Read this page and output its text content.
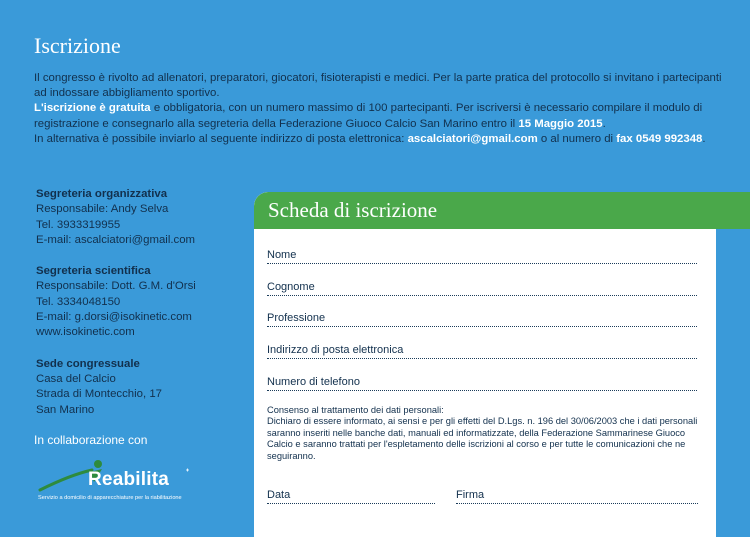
Iscrizione

Il congresso è rivolto ad allenatori, preparatori, giocatori, fisioterapisti e medici. Per la parte pratica del protocollo si invitano i partecipanti ad indossare abbigliamento sportivo.

L'iscrizione è gratuita e obbligatoria, con un numero massimo di 100 partecipanti. Per iscriversi è necessario compilare il modulo di registrazione e consegnarlo alla segreteria della Federazione Giuoco Calcio San Marino entro il 15 Maggio 2015.

In alternativa è possibile inviarlo al seguente indirizzo di posta elettronica: ascalciatori@gmail.com o al numero di fax 0549 992348.

Segreteria organizzativa
Responsabile: Andy Selva
Tel. 3933319955
E-mail: ascalciatori@gmail.com
Segreteria scientifica
Responsabile: Dott. G.M. d'Orsi
Tel. 3334048150
E-mail: g.dorsi@isokinetic.com
www.isokinetic.com
Sede congressuale
Casa del Calcio
Strada di Montecchio, 17
San Marino
In collaborazione con
Reabilita
Servizio a domicilio di apparecchiature per la riabilitazione
Scheda di iscrizione
Nome
Cognome
Professione
Indirizzo di posta elettronica
Numero di telefono
Consenso al trattamento dei dati personali:
Dichiaro di essere informato, ai sensi e per gli effetti del D.Lgs. n. 196 del 30/06/2003 che i dati personali saranno inseriti nelle banche dati, manuali ed informatizzate, della Federazione Sammarinese Giuoco Calcio e saranno trattati per l'espletamento delle iscrizioni al corso e per tutte le comunicazioni che ne seguiranno.
Data	Firma
